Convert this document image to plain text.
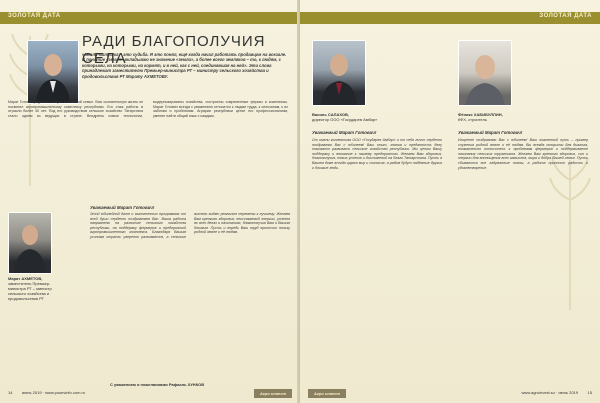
ЗОЛОТАЯ ДАТА
РАДИ БЛАГОПОЛУЧИЯ СЕЛА
«Земля-матушка – это судьба. Я это понял, ещё когда начал работать продавцом на вокзале. В понятие «земля» вкладываю не значение «земли», а более всего земляков – то, к людям, с которыми, на которыми, на кормят, и в ней, как с ней, соединявшая на ней». Эти слова принадлежат заместителю Премьер-министра РТ – министру сельского хозяйства и продовольствия РТ Марату АХМЕТОВУ.
Марат Готович родился и вырос в сельской семье. Всю сознательную жизнь он посвятил агропромышленному комплексу республики. Его стаж работы в отрасли более 40 лет. Под его руководством сельское хозяйство Татарстана стало одним из ведущих в стране. Внедрены новые технологии, модернизированы хозяйства, построены современные фермы и комплексы. Марат Готович всегда с уважением относится к людям труда, к сельчанам, к их заботам и проблемам. Аграрии республики ценят его профессионализм, умение найти общий язык с каждым.
Уважаемый Марат Готович!
Марат АХМЕТОВ,
заместитель Премьер-министра РТ – министр сельского хозяйства и продовольствия РТ
Этой юбилейной дате о выполненных программах от всей души сердечно поздравляем Вас. Ваша работа направлена на развитие сельского хозяйства республики, на поддержку фермеров и предприятий агропромышленного комплекса. Благодаря Вашим усилиям отрасль уверенно развивается, а сельские жители видят реальные перемены к лучшему. Желаем Вам крепкого здоровья, неиссякаемой энергии, успехов во всех делах и начинаниях, благополучия Вам и Вашим близким. Пусть и впредь Ваш труд приносит пользу родной земле и её людям.
С уважением и пожеланиями Рафаэль ХУНКОВ
14 июнь 2019 · www.posevinfo.com.ru	Агро инвест
ЗОЛОТАЯ ДАТА
Василь САЛАХОВ,
директор ООО «Государев Амбар»
Уважаемый Марат Готович!
От имени коллектива ООО «Государев Амбар» и от себя лично сердечно поздравляю Вас с юбилеем! Ваш опыт, знания и преданность делу помогают развивать сельское хозяйство республики. Мы ценим Вашу поддержку и внимание к нашему предприятию. Желаем Вам здоровья, благополучия, новых успехов и достижений на благо Татарстана. Пусть в Вашем доме всегда царят мир и согласие, а рядом будут надёжные друзья и близкие люди.
Фёникс ХАБИБУЛЛИН,
КФХ, строитель
Уважаемый Марат Готович!
Искренне поздравляю Вас с юбилеем! Ваш жизненный путь – пример служения родной земле и её людям. Вы всегда открыты для диалога, внимательно относитесь к проблемам фермеров и поддерживаете начинания сельских тружеников. Желаем Вам крепкого здоровья, сил и энергии для воплощения всех замыслов, мира и добра Вашей семье. Пусть сбываются все задуманные планы, а работа приносит радость и удовлетворение.
Агро инвест	www.agroinvest.su · июнь 2019 15
